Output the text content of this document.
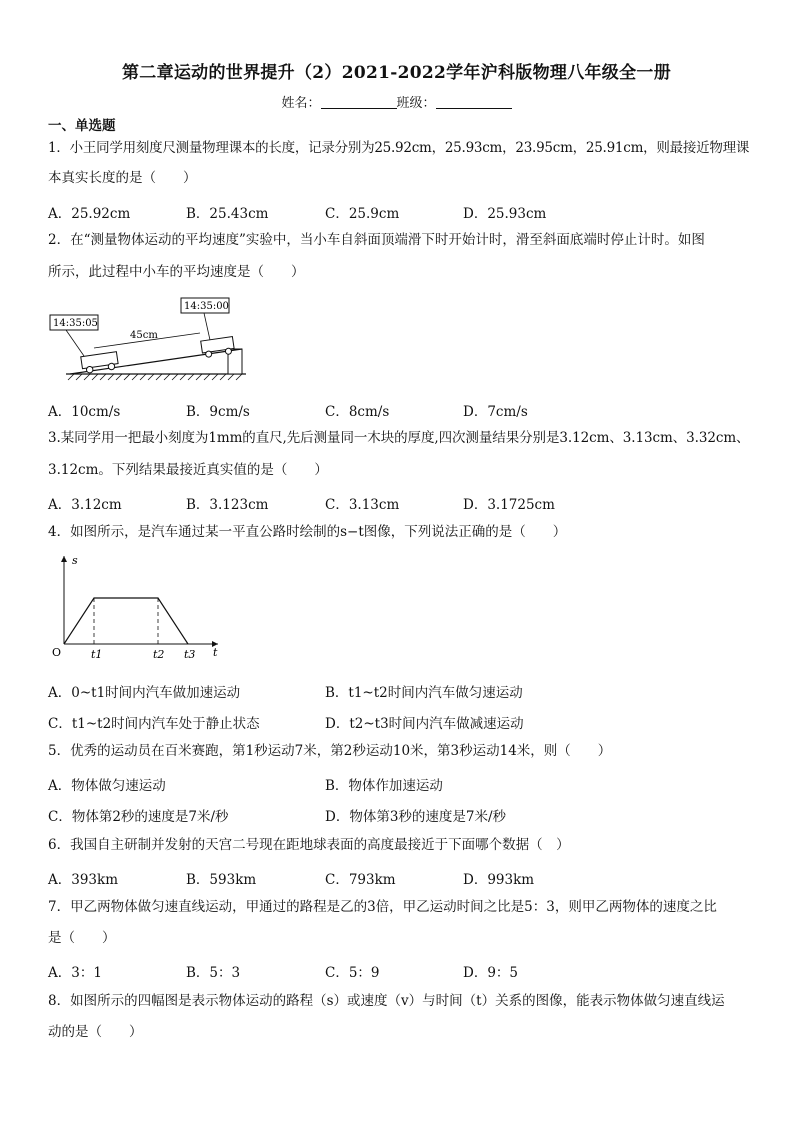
第二章运动的世界提升（2）2021-2022学年沪科版物理八年级全一册
姓名：	班级：
一、单选题
1．小王同学用刻度尺测量物理课本的长度，记录分别为25.92cm，25.93cm，23.95cm，25.91cm，则最接近物理课
本真实长度的是（　　）
A．25.92cm	B．25.43cm	C．25.9cm	D．25.93cm
2．在“测量物体运动的平均速度”实验中，当小车自斜面顶端滑下时开始计时，滑至斜面底端时停止计时。如图
所示，此过程中小车的平均速度是（　　）
45cm
14:35:05
14:35:00
A．10cm/s	B．9cm/s	C．8cm/s	D．7cm/s
3.某同学用一把最小刻度为1mm的直尺,先后测量同一木块的厚度,四次测量结果分别是3.12cm、3.13cm、3.32cm、
3.12cm。下列结果最接近真实值的是（　　）
A．3.12cm	B．3.123cm	C．3.13cm	D．3.1725cm
4．如图所示，是汽车通过某一平直公路时绘制的s−t图像，下列说法正确的是（　　）
s
t
O	t1	t2 t3
A．0~t1时间内汽车做加速运动	B．t1~t2时间内汽车做匀速运动
C．t1~t2时间内汽车处于静止状态	D．t2~t3时间内汽车做减速运动
5．优秀的运动员在百米赛跑，第1秒运动7米，第2秒运动10米，第3秒运动14米，则（　　）
A．物体做匀速运动	B．物体作加速运动
C．物体第2秒的速度是7米/秒	D．物体第3秒的速度是7米/秒
6．我国自主研制并发射的天宫二号现在距地球表面的高度最接近于下面哪个数据（　）
A．393km	B．593km	C．793km	D．993km
7．甲乙两物体做匀速直线运动，甲通过的路程是乙的3倍，甲乙运动时间之比是5：3，则甲乙两物体的速度之比
是（　　）
A．3：1	B．5：3	C．5：9	D．9：5
8．如图所示的四幅图是表示物体运动的路程（s）或速度（v）与时间（t）关系的图像，能表示物体做匀速直线运
动的是（　　）
